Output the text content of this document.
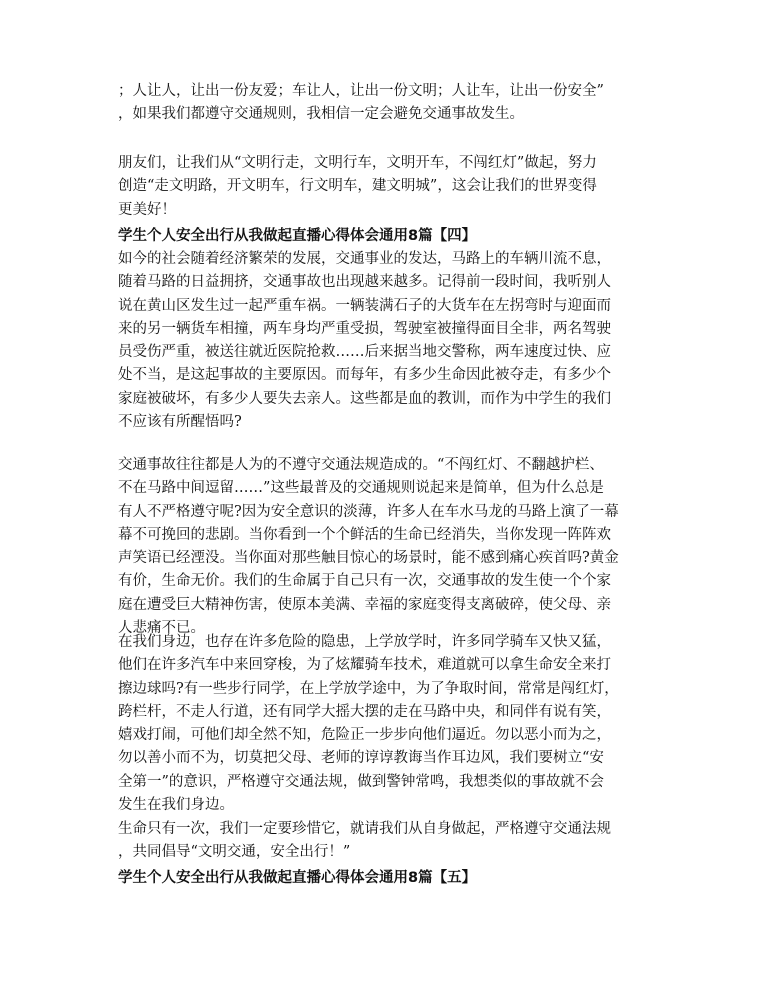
；人让人，让出一份友爱；车让人，让出一份文明；人让车，让出一份安全”
，如果我们都遵守交通规则，我相信一定会避免交通事故发生。
朋友们，让我们从“文明行走，文明行车，文明开车，不闯红灯”做起，努力
创造“走文明路，开文明车，行文明车，建文明城”，这会让我们的世界变得
更美好！
学生个人安全出行从我做起直播心得体会通用8篇【四】
如今的社会随着经济繁荣的发展，交通事业的发达，马路上的车辆川流不息，
随着马路的日益拥挤，交通事故也出现越来越多。记得前一段时间，我听别人
说在黄山区发生过一起严重车祸。一辆装满石子的大货车在左拐弯时与迎面而
来的另一辆货车相撞，两车身均严重受损，驾驶室被撞得面目全非，两名驾驶
员受伤严重，被送往就近医院抢救……后来据当地交警称，两车速度过快、应
处不当，是这起事故的主要原因。而每年，有多少生命因此被夺走，有多少个
家庭被破坏，有多少人要失去亲人。这些都是血的教训，而作为中学生的我们
不应该有所醒悟吗?
交通事故往往都是人为的不遵守交通法规造成的。“不闯红灯、不翻越护栏、
不在马路中间逗留……”这些最普及的交通规则说起来是简单，但为什么总是
有人不严格遵守呢?因为安全意识的淡薄，许多人在车水马龙的马路上演了一幕
幕不可挽回的悲剧。当你看到一个个鲜活的生命已经消失，当你发现一阵阵欢
声笑语已经湮没。当你面对那些触目惊心的场景时，能不感到痛心疾首吗?黄金
有价，生命无价。我们的生命属于自己只有一次，交通事故的发生使一个个家
庭在遭受巨大精神伤害，使原本美满、幸福的家庭变得支离破碎，使父母、亲
人悲痛不已。
在我们身边，也存在许多危险的隐患，上学放学时，许多同学骑车又快又猛，
他们在许多汽车中来回穿梭，为了炫耀骑车技术，难道就可以拿生命安全来打
擦边球吗?有一些步行同学，在上学放学途中，为了争取时间，常常是闯红灯，
跨栏杆，不走人行道，还有同学大摇大摆的走在马路中央，和同伴有说有笑，
嬉戏打闹，可他们却全然不知，危险正一步步向他们逼近。勿以恶小而为之，
勿以善小而不为，切莫把父母、老师的谆谆教诲当作耳边风，我们要树立“安
全第一”的意识，严格遵守交通法规，做到警钟常鸣，我想类似的事故就不会
发生在我们身边。
生命只有一次，我们一定要珍惜它，就请我们从自身做起，严格遵守交通法规
，共同倡导“文明交通，安全出行！”
学生个人安全出行从我做起直播心得体会通用8篇【五】
